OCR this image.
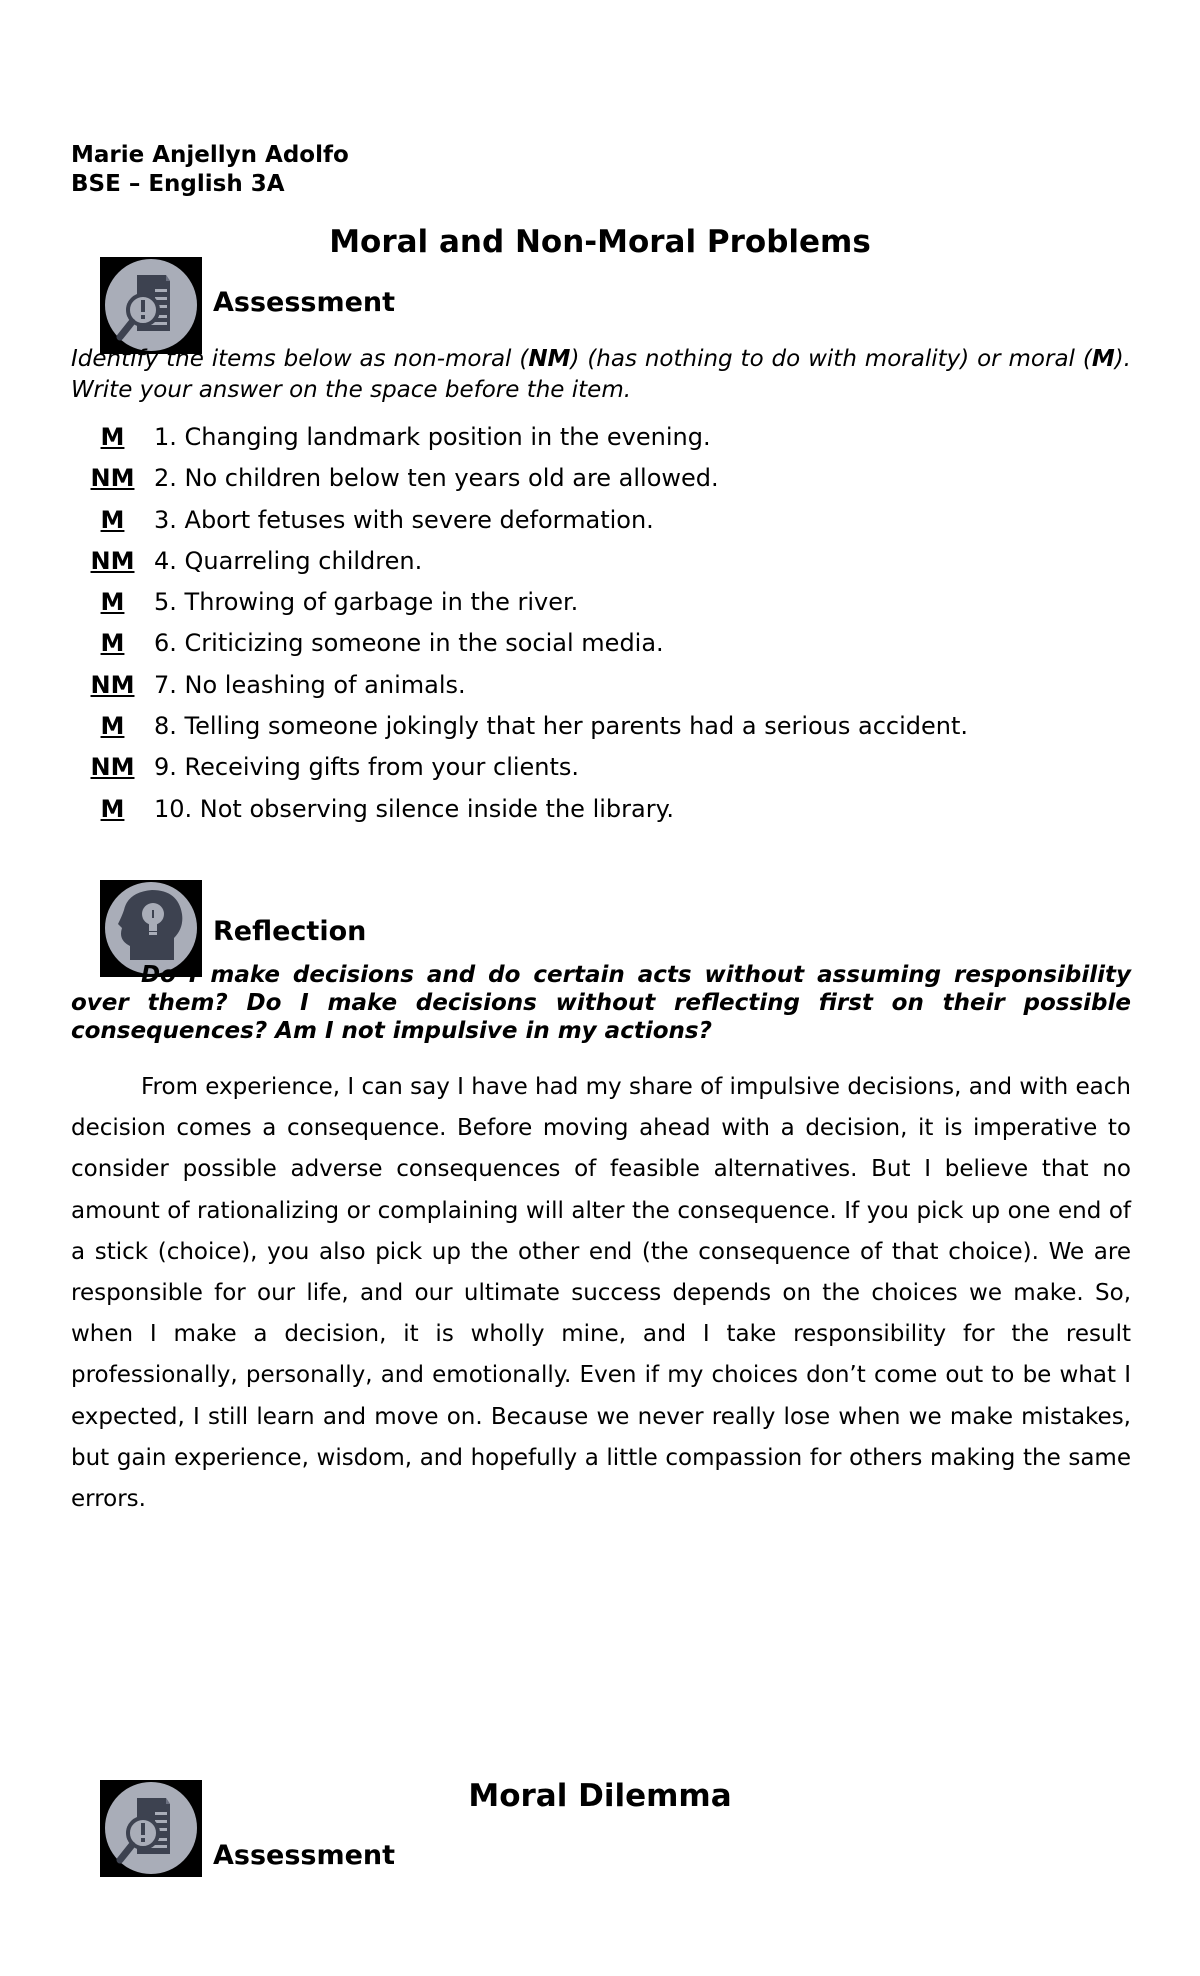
Marie Anjellyn Adolfo
BSE – English 3A
Moral and Non-Moral Problems
Assessment
Identify the items below as non-moral (NM) (has nothing to do with morality) or moral (M). Write your answer on the space before the item.
M 1. Changing landmark position in the evening.
NM 2. No children below ten years old are allowed.
M 3. Abort fetuses with severe deformation.
NM 4. Quarreling children.
M 5. Throwing of garbage in the river.
M 6. Criticizing someone in the social media.
NM 7. No leashing of animals.
M 8. Telling someone jokingly that her parents had a serious accident.
NM 9. Receiving gifts from your clients.
M 10. Not observing silence inside the library.
Reflection
Do I make decisions and do certain acts without assuming responsibility over them? Do I make decisions without reflecting first on their possible consequences? Am I not impulsive in my actions?

From experience, I can say I have had my share of impulsive decisions, and with each decision comes a consequence. Before moving ahead with a decision, it is imperative to consider possible adverse consequences of feasible alternatives. But I believe that no amount of rationalizing or complaining will alter the consequence. If you pick up one end of a stick (choice), you also pick up the other end (the consequence of that choice). We are responsible for our life, and our ultimate success depends on the choices we make. So, when I make a decision, it is wholly mine, and I take responsibility for the result professionally, personally, and emotionally. Even if my choices don’t come out to be what I expected, I still learn and move on. Because we never really lose when we make mistakes, but gain experience, wisdom, and hopefully a little compassion for others making the same errors.

Moral Dilemma
Assessment
